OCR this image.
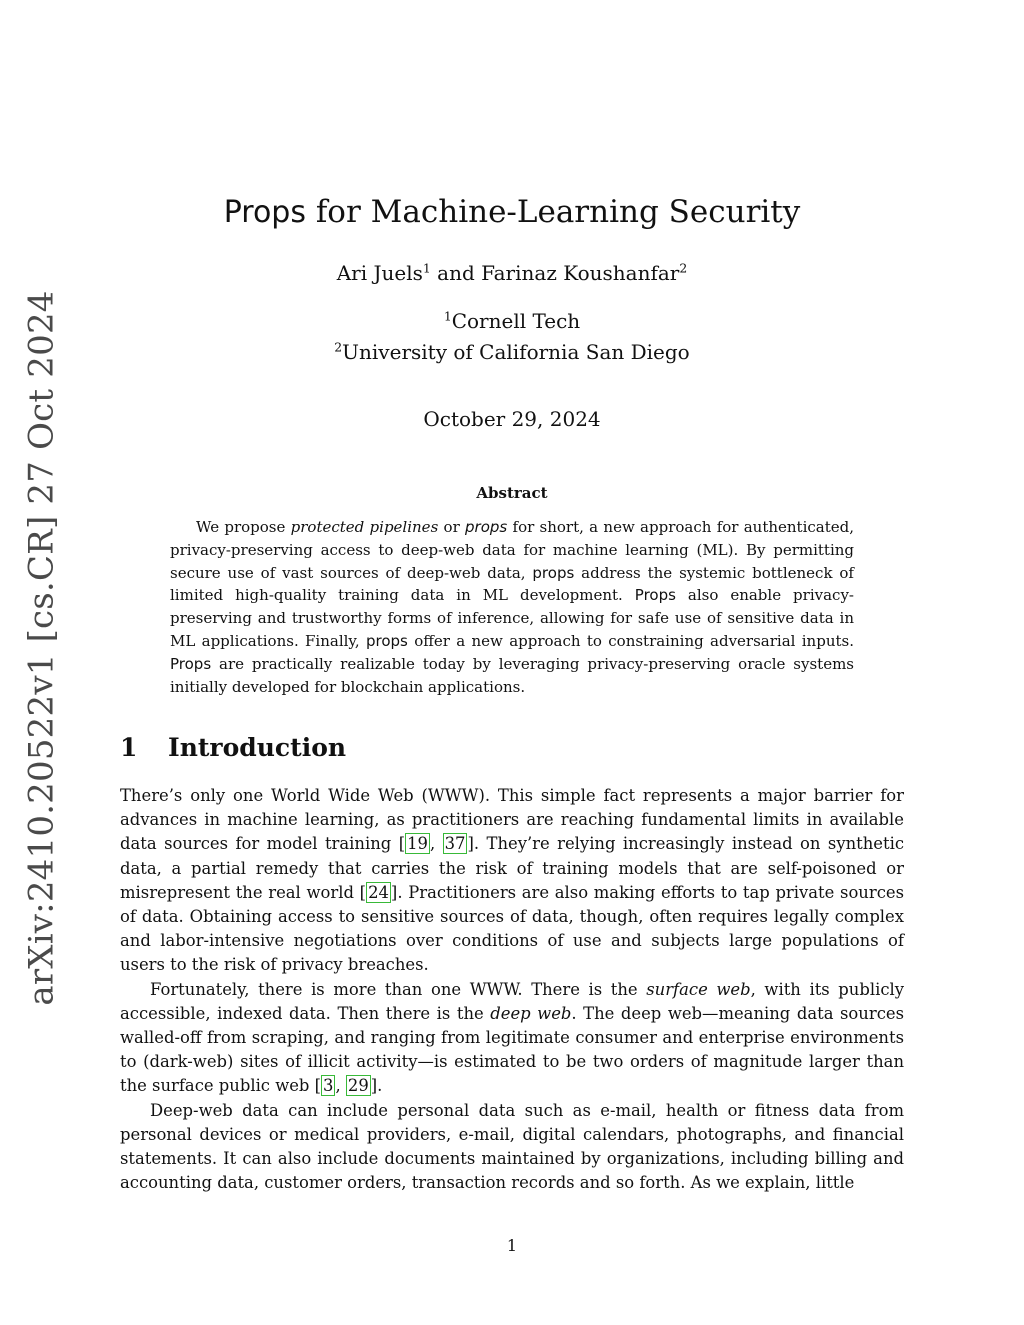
arXiv:2410.20522v1 [cs.CR] 27 Oct 2024
Props for Machine-Learning Security
Ari Juels$^1$ and Farinaz Koushanfar$^2$
$^1$Cornell Tech
$^2$University of California San Diego
October 29, 2024
Abstract
We propose protected pipelines or props for short, a new approach for authenticated, privacy-preserving access to deep-web data for machine learning (ML). By permitting secure use of vast sources of deep-web data, props address the systemic bottleneck of limited high-quality training data in ML development. Props also enable privacy-preserving and trustworthy forms of inference, allowing for safe use of sensitive data in ML applications. Finally, props offer a new approach to constraining adversarial inputs. Props are practically realizable today by leveraging privacy-preserving oracle systems initially developed for blockchain applications.
1 Introduction

There’s only one World Wide Web (WWW). This simple fact represents a major barrier for advances in machine learning, as practitioners are reaching fundamental limits in available data sources for model training [ 19 , 37 ]. They’re relying increasingly instead on synthetic data, a partial remedy that carries the risk of training models that are self-poisoned or misrepresent the real world [ 24 ]. Practitioners are also making efforts to tap private sources of data. Obtaining access to sensitive sources of data, though, often requires legally complex and labor-intensive negotiations over conditions of use and subjects large populations of users to the risk of privacy breaches.

Fortunately, there is more than one WWW. There is the surface web, with its publicly accessible, indexed data. Then there is the deep web. The deep web—meaning data sources walled-off from scraping, and ranging from legitimate consumer and enterprise environments to (dark-web) sites of illicit activity—is estimated to be two orders of magnitude larger than the surface public web [ 3 , 29 ].

Deep-web data can include personal data such as e-mail, health or fitness data from personal devices or medical providers, e-mail, digital calendars, photographs, and financial statements. It can also include documents maintained by organizations, including billing and accounting data, customer orders, transaction records and so forth. As we explain, little

1
